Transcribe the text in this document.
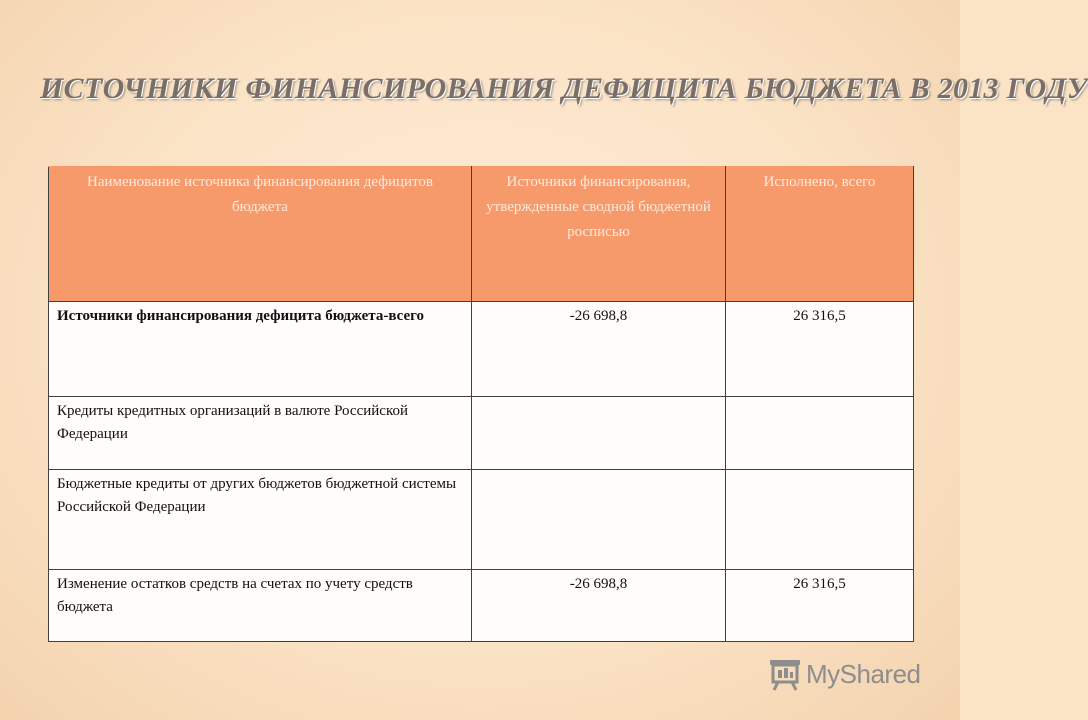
ИСТОЧНИКИ ФИНАНСИРОВАНИЯ ДЕФИЦИТА БЮДЖЕТА В 2013 ГОДУ
Наименование источника финансирования дефицитов бюджета	Источники финансирования, утвержденные сводной бюджетной росписью	Исполнено, всего
Источники финансирования дефицита бюджета-всего	-26 698,8	26 316,5
Кредиты кредитных организаций в валюте Российской Федерации		
Бюджетные кредиты от других бюджетов бюджетной системы Российской Федерации		
Изменение остатков средств на счетах по учету средств бюджета	-26 698,8	26 316,5
MyShared
